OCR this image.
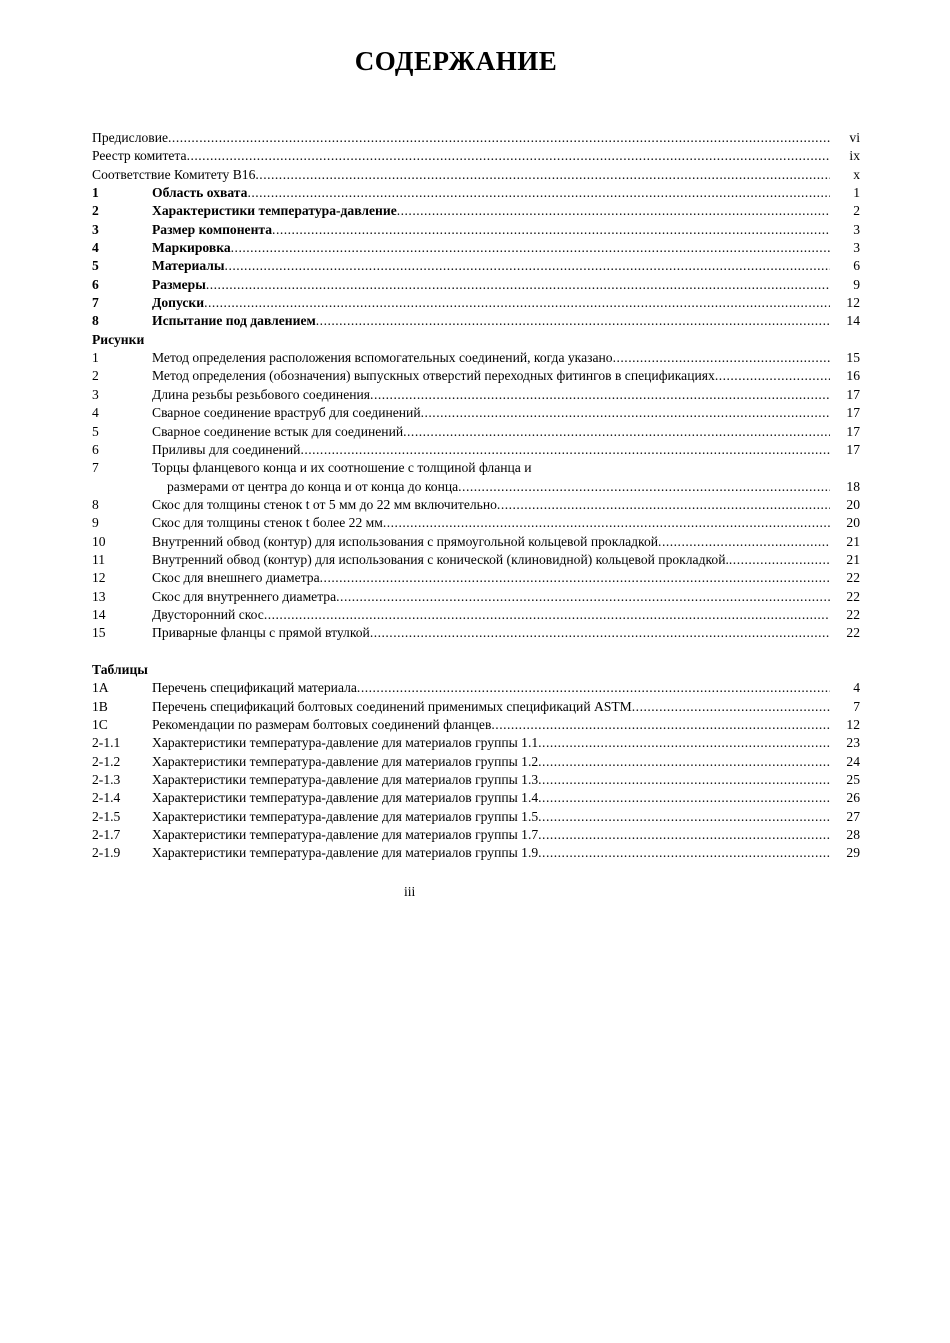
СОДЕРЖАНИЕ
Предисловие .....	vi
Реестр комитета .....	ix
Соответствие Комитету B16 .....	x
1	Область охвата .....	1
2	Характеристики температура-давление .....	2
3	Размер компонента .....	3
4	Маркировка .....	3
5	Материалы .....	6
6	Размеры .....	9
7	Допуски .....	12
8	Испытание под давлением .....	14
Рисунки
1	Метод определения расположения вспомогательных соединений, когда указано .....	15
2	Метод определения (обозначения) выпускных отверстий переходных фитингов в спецификациях .....	16
3	Длина резьбы резьбового соединения .....	17
4	Сварное соединение враструб для соединений .....	17
5	Сварное соединение встык для соединений .....	17
6	Приливы для соединений .....	17
7	Торцы фланцевого конца и их соотношение с толщиной фланца и
размерами от центра до конца и от конца до конца .....	18
8	Скос для толщины стенок t от 5 мм до 22 мм включительно .....	20
9	Скос для толщины стенок t более 22 мм .....	20
10	Внутренний обвод (контур) для использования с прямоугольной кольцевой прокладкой .....	21
11	Внутренний обвод (контур) для использования с конической (клиновидной) кольцевой прокладкой. .....	21
12	Скос для внешнего диаметра .....	22
13	Скос для внутреннего диаметра .....	22
14	Двусторонний скос .....	22
15	Приварные фланцы с прямой втулкой .....	22
Таблицы
1A	Перечень спецификаций материала .....	4
1B	Перечень спецификаций болтовых соединений применимых спецификаций ASTM .....	7
1C	Рекомендации по размерам болтовых соединений фланцев .....	12
2-1.1	Характеристики температура-давление для материалов группы 1.1 .....	23
2-1.2	Характеристики температура-давление для материалов группы 1.2 .....	24
2-1.3	Характеристики температура-давление для материалов группы 1.3 .....	25
2-1.4	Характеристики температура-давление для материалов группы 1.4 .....	26
2-1.5	Характеристики температура-давление для материалов группы 1.5 .....	27
2-1.7	Характеристики температура-давление для материалов группы 1.7 .....	28
2-1.9	Характеристики температура-давление для материалов группы 1.9 .....	29
iii
